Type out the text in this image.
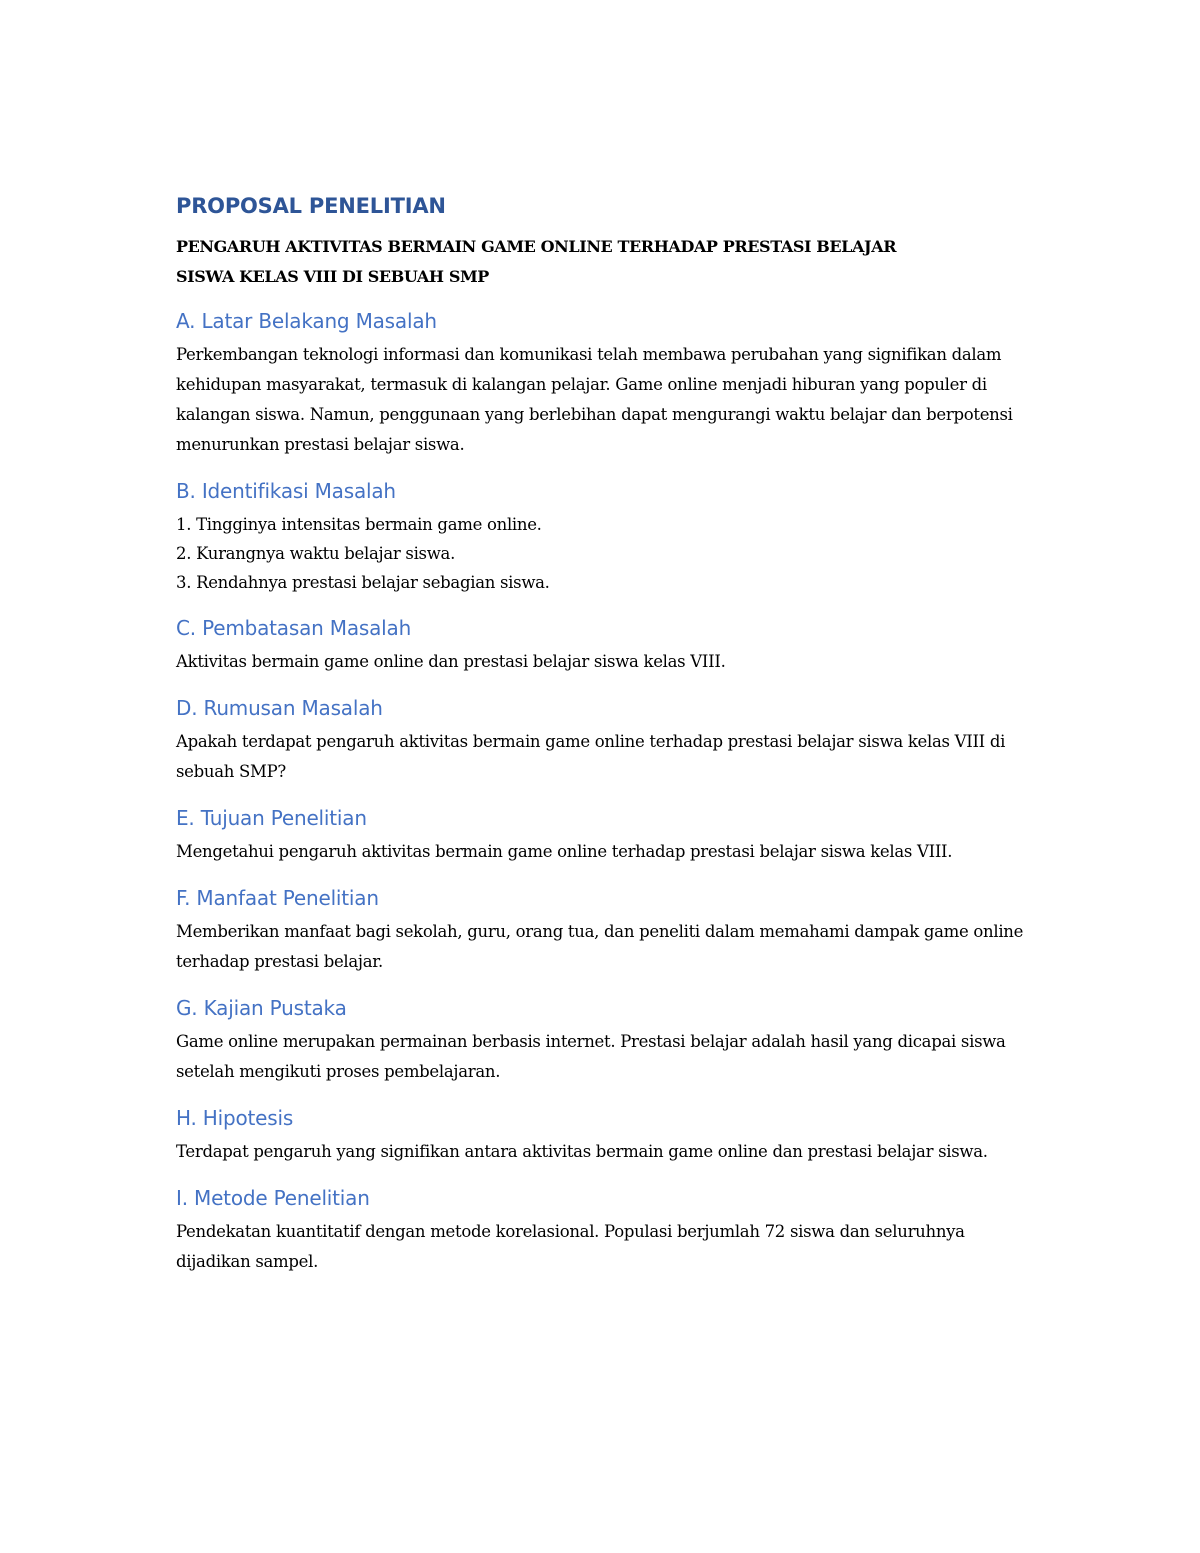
PROPOSAL PENELITIAN
PENGARUH AKTIVITAS BERMAIN GAME ONLINE TERHADAP PRESTASI BELAJAR
SISWA KELAS VIII DI SEBUAH SMP
A. Latar Belakang Masalah
Perkembangan teknologi informasi dan komunikasi telah membawa perubahan yang signifikan dalam kehidupan masyarakat, termasuk di kalangan pelajar. Game online menjadi hiburan yang populer di kalangan siswa. Namun, penggunaan yang berlebihan dapat mengurangi waktu belajar dan berpotensi menurunkan prestasi belajar siswa.
B. Identifikasi Masalah
1. Tingginya intensitas bermain game online.
2. Kurangnya waktu belajar siswa.
3. Rendahnya prestasi belajar sebagian siswa.
C. Pembatasan Masalah
Aktivitas bermain game online dan prestasi belajar siswa kelas VIII.
D. Rumusan Masalah
Apakah terdapat pengaruh aktivitas bermain game online terhadap prestasi belajar siswa kelas VIII di sebuah SMP?
E. Tujuan Penelitian
Mengetahui pengaruh aktivitas bermain game online terhadap prestasi belajar siswa kelas VIII.
F. Manfaat Penelitian
Memberikan manfaat bagi sekolah, guru, orang tua, dan peneliti dalam memahami dampak game online terhadap prestasi belajar.
G. Kajian Pustaka
Game online merupakan permainan berbasis internet. Prestasi belajar adalah hasil yang dicapai siswa setelah mengikuti proses pembelajaran.
H. Hipotesis
Terdapat pengaruh yang signifikan antara aktivitas bermain game online dan prestasi belajar siswa.
I. Metode Penelitian
Pendekatan kuantitatif dengan metode korelasional. Populasi berjumlah 72 siswa dan seluruhnya dijadikan sampel.
